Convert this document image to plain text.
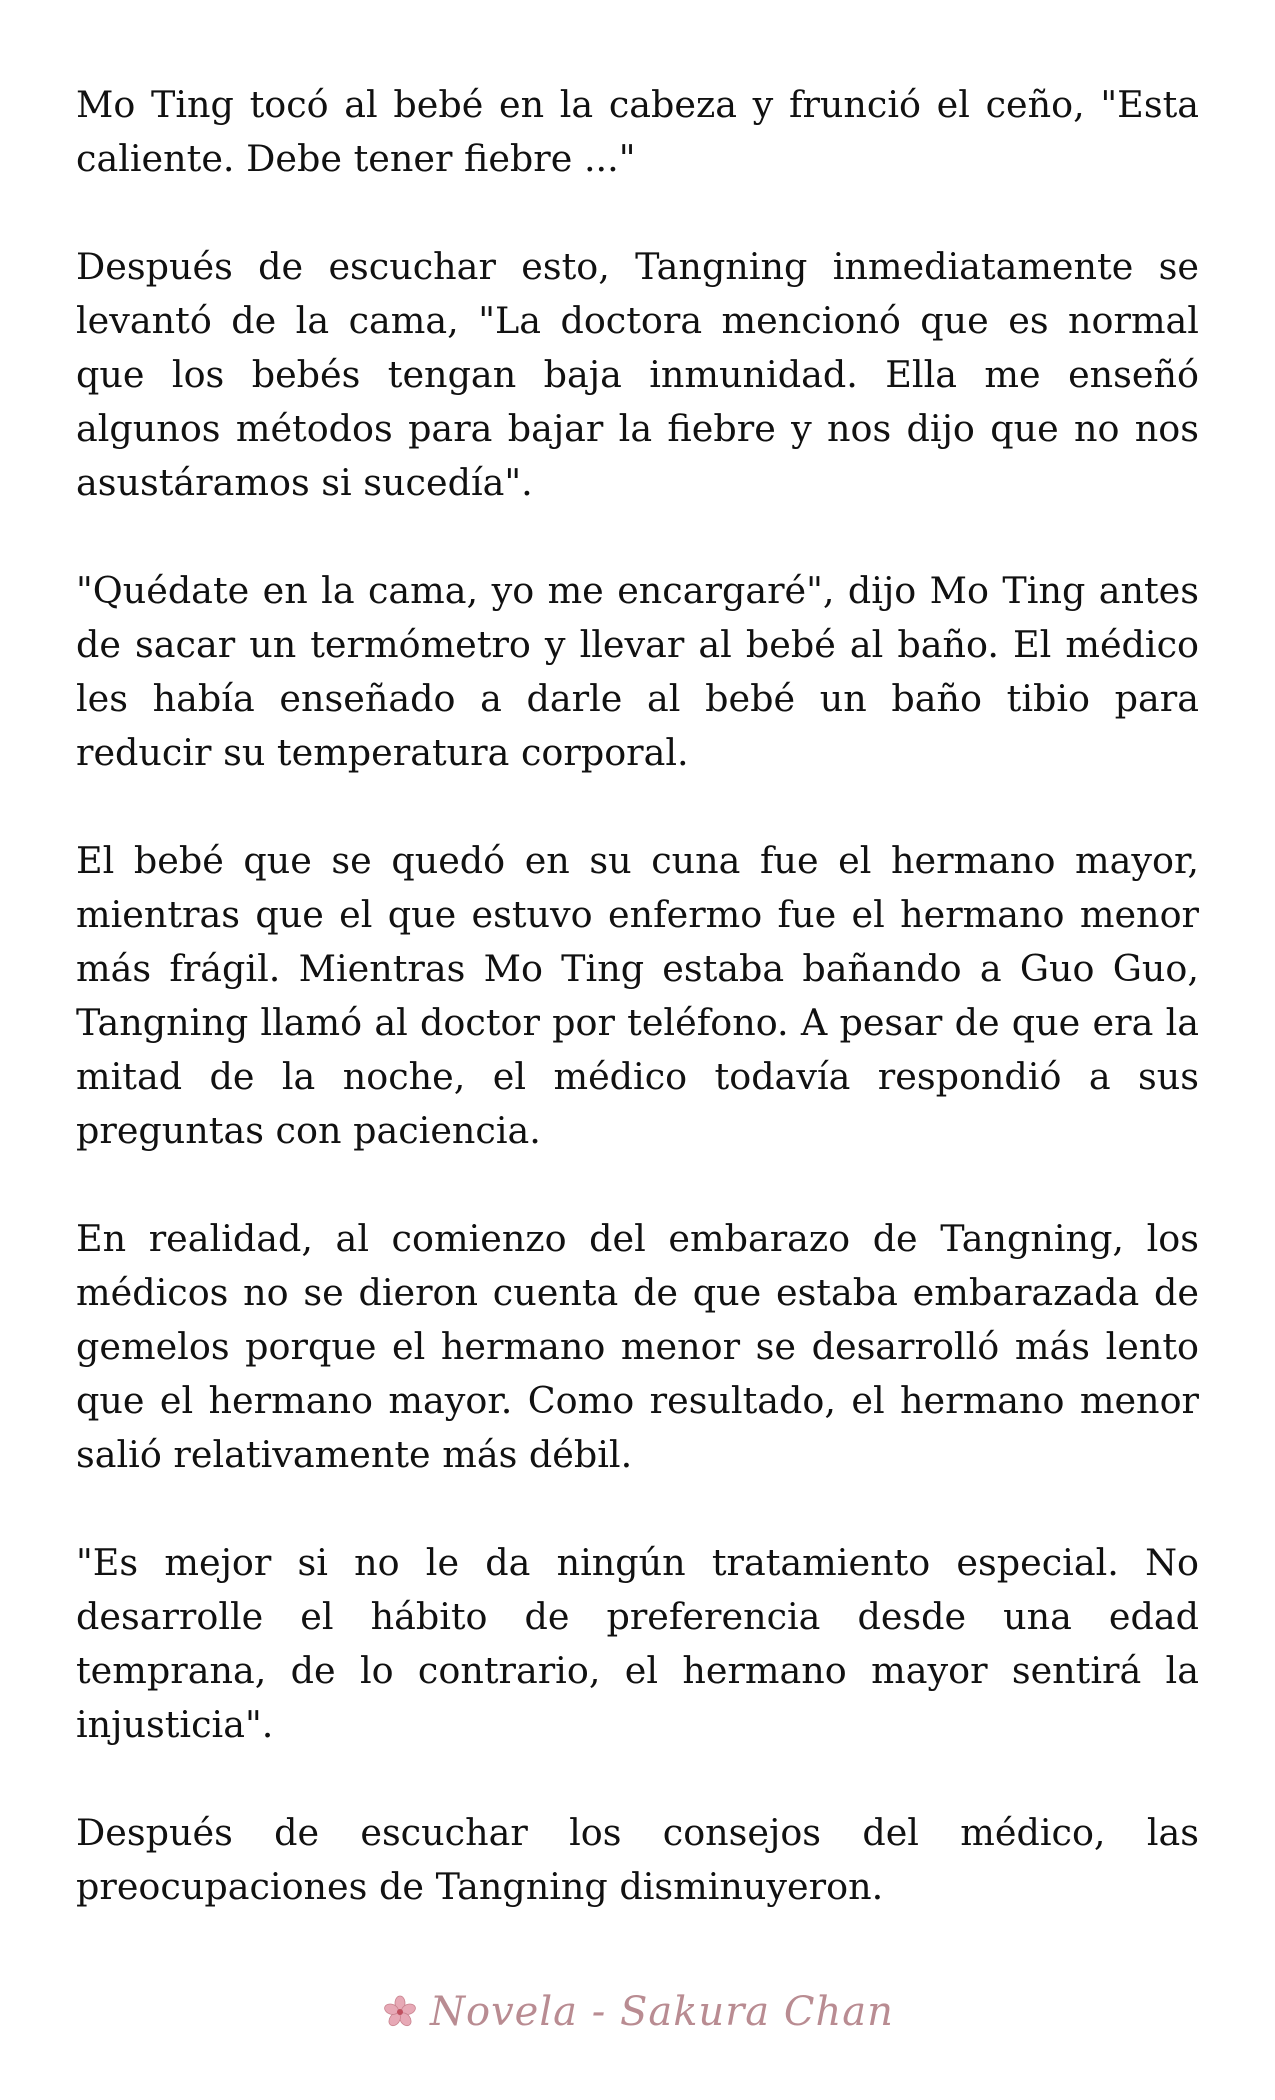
Mo Ting tocó al bebé en la cabeza y frunció el ceño, "Esta caliente. Debe tener fiebre ..."

Después de escuchar esto, Tangning inmediatamente se levantó de la cama, "La doctora mencionó que es normal que los bebés tengan baja inmunidad. Ella me enseñó algunos métodos para bajar la fiebre y nos dijo que no nos asustáramos si sucedía".

"Quédate en la cama, yo me encargaré", dijo Mo Ting antes de sacar un termómetro y llevar al bebé al baño. El médico les había enseñado a darle al bebé un baño tibio para reducir su temperatura corporal.

El bebé que se quedó en su cuna fue el hermano mayor, mientras que el que estuvo enfermo fue el hermano menor más frágil. Mientras Mo Ting estaba bañando a Guo Guo, Tangning llamó al doctor por teléfono. A pesar de que era la mitad de la noche, el médico todavía respondió a sus preguntas con paciencia.

En realidad, al comienzo del embarazo de Tangning, los médicos no se dieron cuenta de que estaba embarazada de gemelos porque el hermano menor se desarrolló más lento que el hermano mayor. Como resultado, el hermano menor salió relativamente más débil.

"Es mejor si no le da ningún tratamiento especial. No desarrolle el hábito de preferencia desde una edad temprana, de lo contrario, el hermano mayor sentirá la injusticia".

Después de escuchar los consejos del médico, las preocupaciones de Tangning disminuyeron.

Novela - Sakura Chan
